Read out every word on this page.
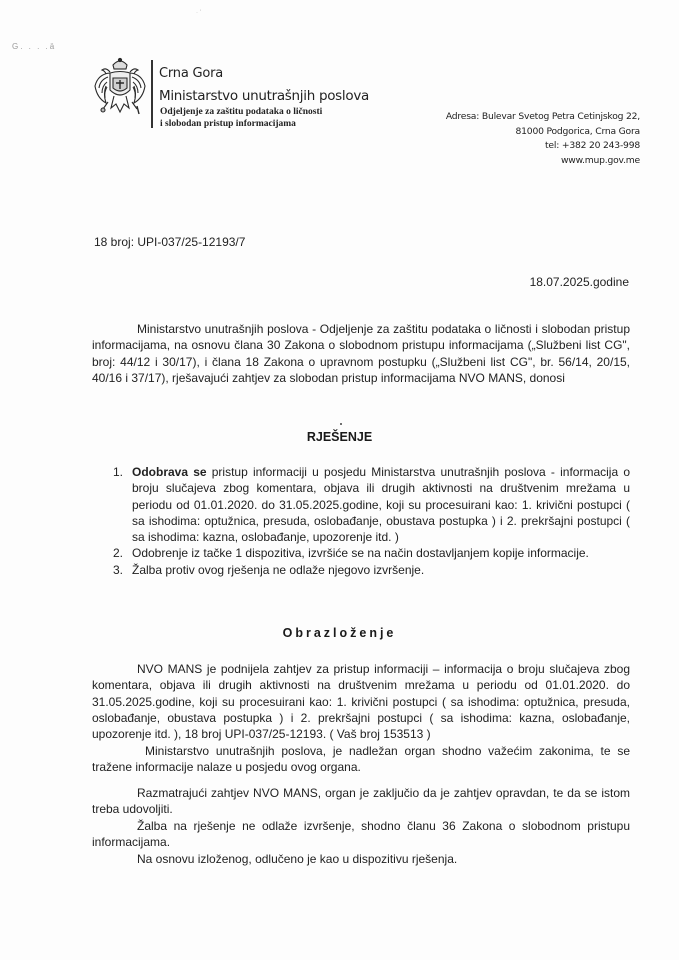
G. . . .ä
·'
Crna Gora
Ministarstvo unutrašnjih poslova
Odjeljenje za zaštitu podataka o ličnosti
i slobodan pristup informacijama
Adresa: Bulevar Svetog Petra Cetinjskog 22,
81000 Podgorica, Crna Gora
tel: +382 20 243-998
www.mup.gov.me
18 broj: UPI-037/25-12193/7
18.07.2025.godine

Ministarstvo unutrašnjih poslova - Odjeljenje za zaštitu podataka o ličnosti i slobodan pristup informacijama, na osnovu člana 30 Zakona o slobodnom pristupu informacijama („Službeni list CG", broj: 44/12 i 30/17), i člana 18 Zakona o upravnom postupku („Službeni list CG", br. 56/14, 20/15, 40/16 i 37/17), rješavajući zahtjev za slobodan pristup informacijama NVO MANS, donosi

RJEŠENJE
1. Odobrava se pristup informaciji u posjedu Ministarstva unutrašnjih poslova - informacija o broju slučajeva zbog komentara, objava ili drugih aktivnosti na društvenim mrežama u periodu od 01.01.2020. do 31.05.2025.godine, koji su procesuirani kao: 1. krivični postupci ( sa ishodima: optužnica, presuda, oslobađanje, obustava postupka ) i 2. prekršajni postupci ( sa ishodima: kazna, oslobađanje, upozorenje itd. )
2. Odobrenje iz tačke 1 dispozitiva, izvršiće se na način dostavljanjem kopije informacije.
3. Žalba protiv ovog rješenja ne odlaže njegovo izvršenje.
Obrazloženje

NVO MANS je podnijela zahtjev za pristup informaciji – informacija o broju slučajeva zbog komentara, objava ili drugih aktivnosti na društvenim mrežama u periodu od 01.01.2020. do 31.05.2025.godine, koji su procesuirani kao: 1. krivični postupci ( sa ishodima: optužnica, presuda, oslobađanje, obustava postupka ) i 2. prekršajni postupci ( sa ishodima: kazna, oslobađanje, upozorenje itd. ), 18 broj UPI-037/25-12193. ( Vaš broj 153513 )

Ministarstvo unutrašnjih poslova, je nadležan organ shodno važećim zakonima, te se tražene informacije nalaze u posjedu ovog organa.

Razmatrajući zahtjev NVO MANS, organ je zaključio da je zahtjev opravdan, te da se istom treba udovoljiti.

Žalba na rješenje ne odlaže izvršenje, shodno članu 36 Zakona o slobodnom pristupu informacijama.

Na osnovu izloženog, odlučeno je kao u dispozitivu rješenja.
